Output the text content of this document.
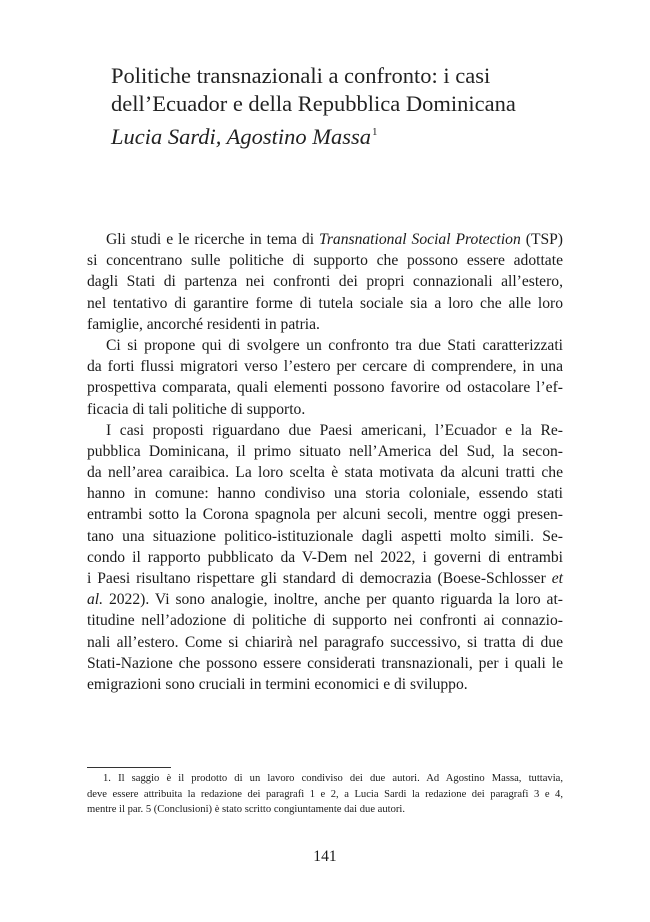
Politiche transnazionali a confronto: i casi
dell’Ecuador e della Repubblica Dominicana
Lucia Sardi, Agostino Massa$^1$
Gli studi e le ricerche in tema di Transnational Social Protection (TSP)
si concentrano sulle politiche di supporto che possono essere adottate
dagli Stati di partenza nei confronti dei propri connazionali all’estero,
nel tentativo di garantire forme di tutela sociale sia a loro che alle loro
famiglie, ancorché residenti in patria.
Ci si propone qui di svolgere un confronto tra due Stati caratterizzati
da forti flussi migratori verso l’estero per cercare di comprendere, in una
prospettiva comparata, quali elementi possono favorire od ostacolare l’ef-
ficacia di tali politiche di supporto.
I casi proposti riguardano due Paesi americani, l’Ecuador e la Re-
pubblica Dominicana, il primo situato nell’America del Sud, la secon-
da nell’area caraibica. La loro scelta è stata motivata da alcuni tratti che
hanno in comune: hanno condiviso una storia coloniale, essendo stati
entrambi sotto la Corona spagnola per alcuni secoli, mentre oggi presen-
tano una situazione politico-istituzionale dagli aspetti molto simili. Se-
condo il rapporto pubblicato da V-Dem nel 2022, i governi di entrambi
i Paesi risultano rispettare gli standard di democrazia (Boese-Schlosser et
al. 2022). Vi sono analogie, inoltre, anche per quanto riguarda la loro at-
titudine nell’adozione di politiche di supporto nei confronti ai connazio-
nali all’estero. Come si chiarirà nel paragrafo successivo, si tratta di due
Stati-Nazione che possono essere considerati transnazionali, per i quali le
emigrazioni sono cruciali in termini economici e di sviluppo.
1. Il saggio è il prodotto di un lavoro condiviso dei due autori. Ad Agostino Massa, tuttavia,
deve essere attribuita la redazione dei paragrafi 1 e 2, a Lucia Sardi la redazione dei paragrafi 3 e 4,
mentre il par. 5 (Conclusioni) è stato scritto congiuntamente dai due autori.
141
